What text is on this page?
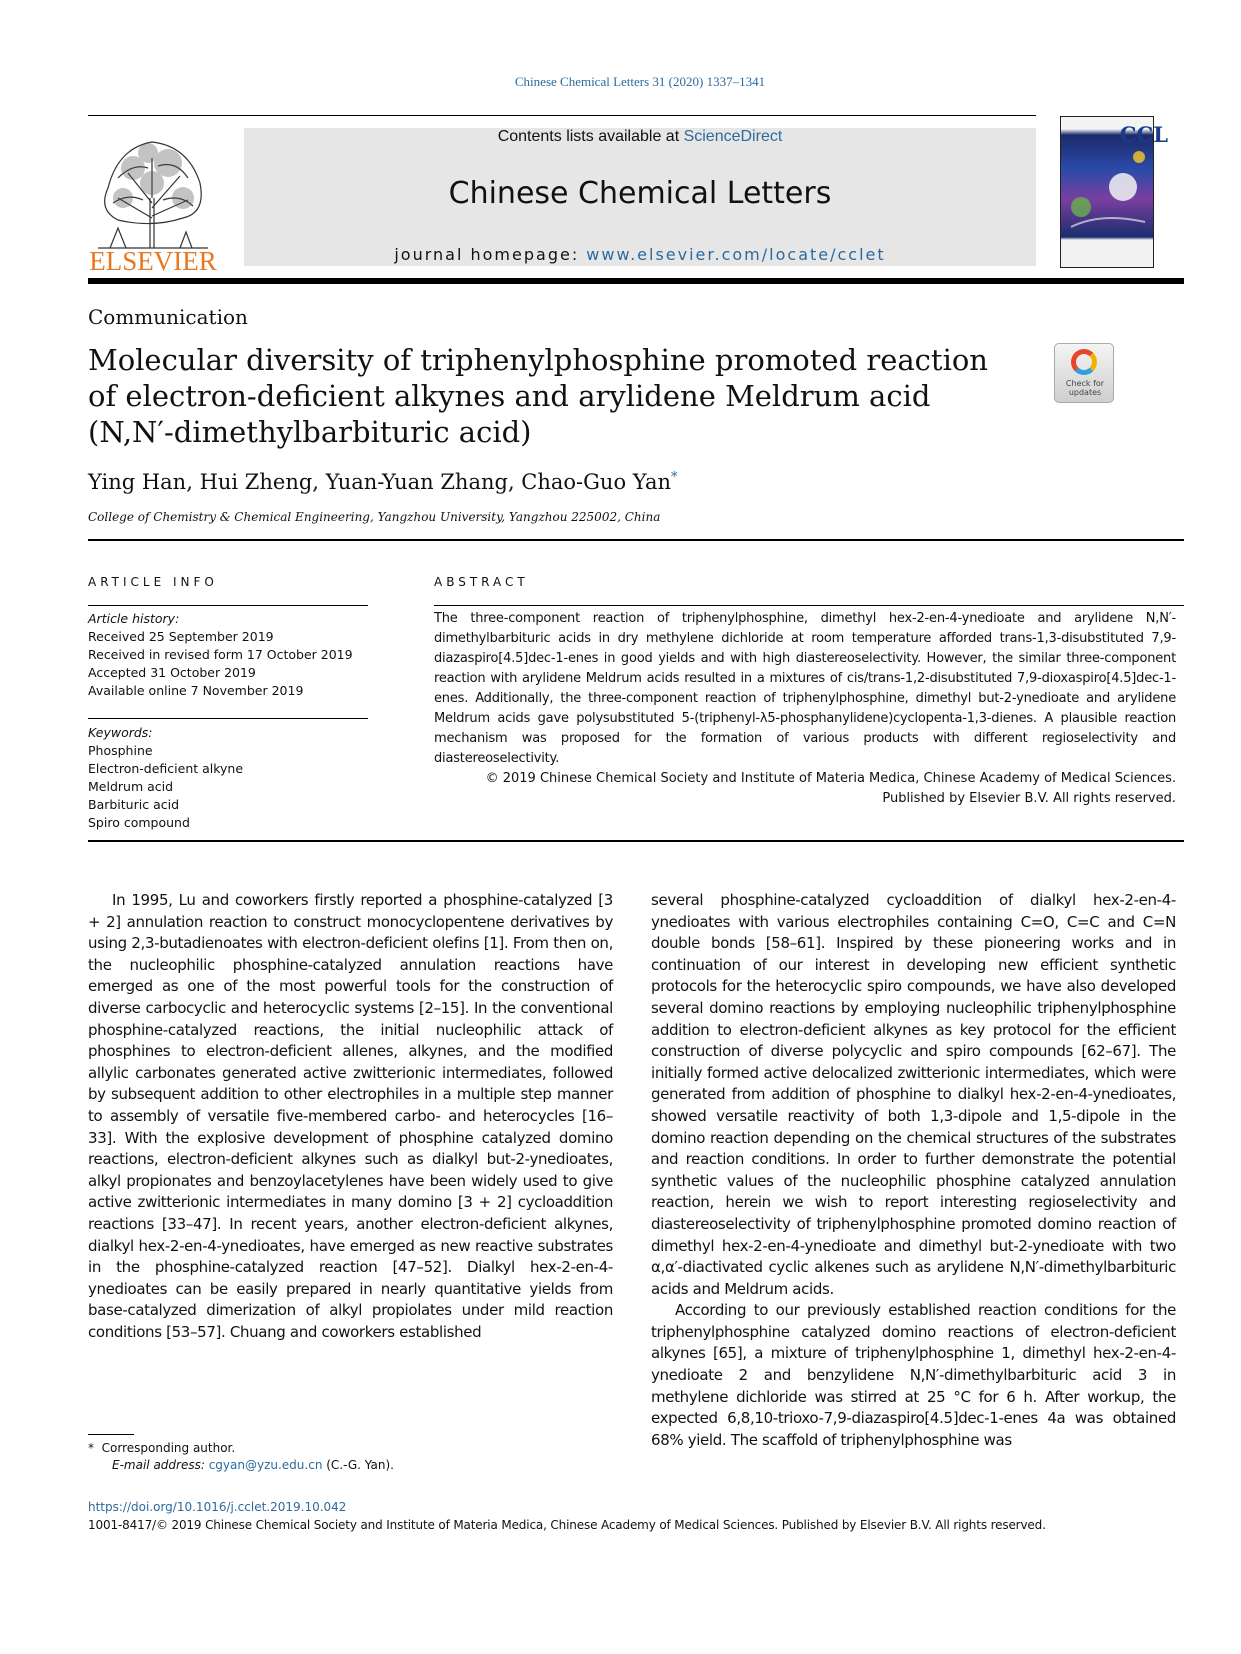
Chinese Chemical Letters 31 (2020) 1337–1341
ELSEVIER
Contents lists available at ScienceDirect
Chinese Chemical Letters
journal homepage: www.elsevier.com/locate/cclet
CCL
Communication
Molecular diversity of triphenylphosphine promoted reaction of electron-deficient alkynes and arylidene Meldrum acid (N,N′-dimethylbarbituric acid)
Check for updates
Ying Han, Hui Zheng, Yuan-Yuan Zhang, Chao-Guo Yan*
College of Chemistry & Chemical Engineering, Yangzhou University, Yangzhou 225002, China
ARTICLE INFO
Article history:
Received 25 September 2019
Received in revised form 17 October 2019
Accepted 31 October 2019
Available online 7 November 2019
Keywords:
Phosphine
Electron-deficient alkyne
Meldrum acid
Barbituric acid
Spiro compound
ABSTRACT
The three-component reaction of triphenylphosphine, dimethyl hex-2-en-4-ynedioate and arylidene N,N′-dimethylbarbituric acids in dry methylene dichloride at room temperature afforded trans-1,3-disubstituted 7,9-diazaspiro[4.5]dec-1-enes in good yields and with high diastereoselectivity. However, the similar three-component reaction with arylidene Meldrum acids resulted in a mixtures of cis/trans-1,2-disubstituted 7,9-dioxaspiro[4.5]dec-1-enes. Additionally, the three-component reaction of triphenylphosphine, dimethyl but-2-ynedioate and arylidene Meldrum acids gave polysubstituted 5-(triphenyl-λ5-phosphanylidene)cyclopenta-1,3-dienes. A plausible reaction mechanism was proposed for the formation of various products with different regioselectivity and diastereoselectivity.
© 2019 Chinese Chemical Society and Institute of Materia Medica, Chinese Academy of Medical Sciences.
Published by Elsevier B.V. All rights reserved.

In 1995, Lu and coworkers firstly reported a phosphine-catalyzed [3 + 2] annulation reaction to construct monocyclopentene derivatives by using 2,3-butadienoates with electron-deficient olefins [1]. From then on, the nucleophilic phosphine-catalyzed annulation reactions have emerged as one of the most powerful tools for the construction of diverse carbocyclic and heterocyclic systems [2–15]. In the conventional phosphine-catalyzed reactions, the initial nucleophilic attack of phosphines to electron-deficient allenes, alkynes, and the modified allylic carbonates generated active zwitterionic intermediates, followed by subsequent addition to other electrophiles in a multiple step manner to assembly of versatile five-membered carbo- and heterocycles [16–33]. With the explosive development of phosphine catalyzed domino reactions, electron-deficient alkynes such as dialkyl but-2-ynedioates, alkyl propionates and benzoylacetylenes have been widely used to give active zwitterionic intermediates in many domino [3 + 2] cycloaddition reactions [33–47]. In recent years, another electron-deficient alkynes, dialkyl hex-2-en-4-ynedioates, have emerged as new reactive substrates in the phosphine-catalyzed reaction [47–52]. Dialkyl hex-2-en-4-ynedioates can be easily prepared in nearly quantitative yields from base-catalyzed dimerization of alkyl propiolates under mild reaction conditions [53–57]. Chuang and coworkers established

several phosphine-catalyzed cycloaddition of dialkyl hex-2-en-4-ynedioates with various electrophiles containing C=O, C=C and C=N double bonds [58–61]. Inspired by these pioneering works and in continuation of our interest in developing new efficient synthetic protocols for the heterocyclic spiro compounds, we have also developed several domino reactions by employing nucleophilic triphenylphosphine addition to electron-deficient alkynes as key protocol for the efficient construction of diverse polycyclic and spiro compounds [62–67]. The initially formed active delocalized zwitterionic intermediates, which were generated from addition of phosphine to dialkyl hex-2-en-4-ynedioates, showed versatile reactivity of both 1,3-dipole and 1,5-dipole in the domino reaction depending on the chemical structures of the substrates and reaction conditions. In order to further demonstrate the potential synthetic values of the nucleophilic phosphine catalyzed annulation reaction, herein we wish to report interesting regioselectivity and diastereoselectivity of triphenylphosphine promoted domino reaction of dimethyl hex-2-en-4-ynedioate and dimethyl but-2-ynedioate with two α,α′-diactivated cyclic alkenes such as arylidene N,N′-dimethylbarbituric acids and Meldrum acids.

According to our previously established reaction conditions for the triphenylphosphine catalyzed domino reactions of electron-deficient alkynes [65], a mixture of triphenylphosphine 1, dimethyl hex-2-en-4-ynedioate 2 and benzylidene N,N′-dimethylbarbituric acid 3 in methylene dichloride was stirred at 25 °C for 6 h. After workup, the expected 6,8,10-trioxo-7,9-diazaspiro[4.5]dec-1-enes 4a was obtained 68% yield. The scaffold of triphenylphosphine was

* Corresponding author.
E-mail address: cgyan@yzu.edu.cn (C.-G. Yan).
https://doi.org/10.1016/j.cclet.2019.10.042
1001-8417/© 2019 Chinese Chemical Society and Institute of Materia Medica, Chinese Academy of Medical Sciences. Published by Elsevier B.V. All rights reserved.
